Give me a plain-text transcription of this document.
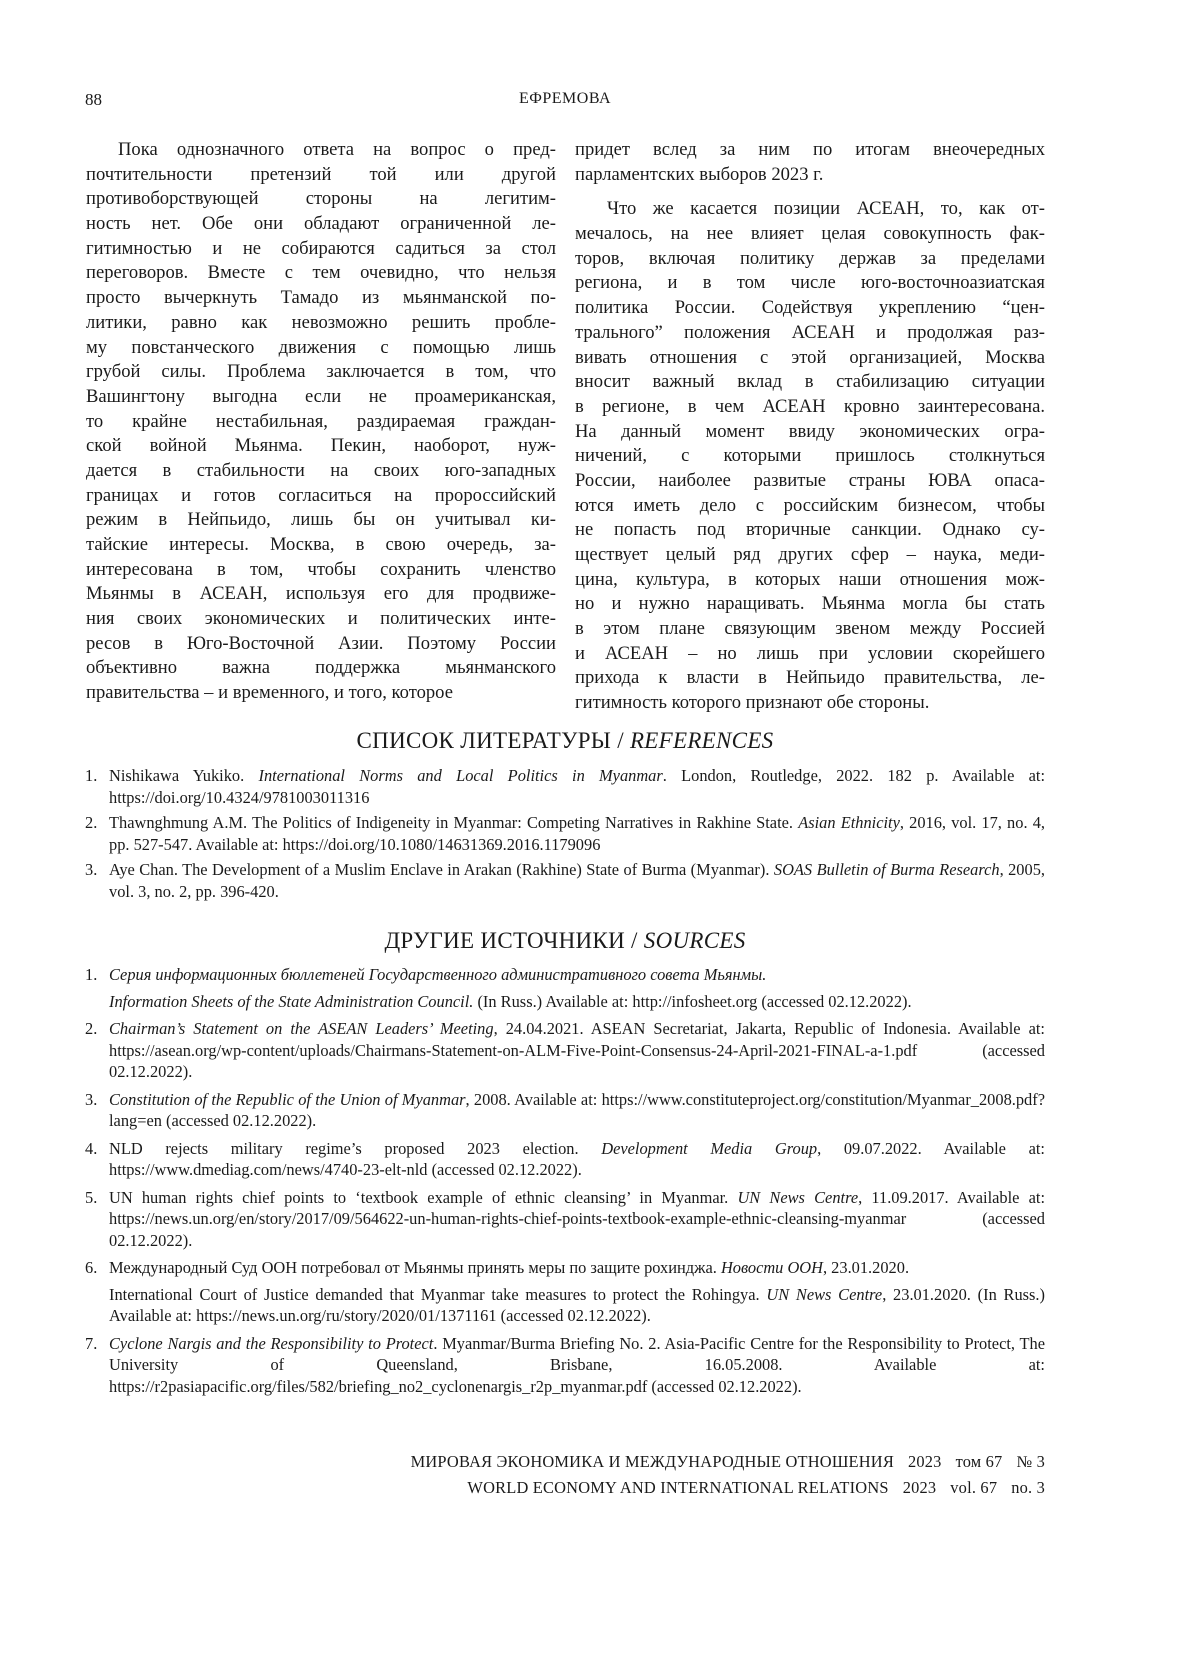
88	ЕФРЕМОВА
Пока однозначного ответа на вопрос о пред-
почтительности претензий той или другой
противоборствующей стороны на легитим-
ность нет. Обе они обладают ограниченной ле-
гитимностью и не собираются садиться за стол
переговоров. Вместе с тем очевидно, что нельзя
просто вычеркнуть Тамадо из мьянманской по-
литики, равно как невозможно решить пробле-
му повстанческого движения с помощью лишь
грубой силы. Проблема заключается в том, что
Вашингтону выгодна если не проамериканская,
то крайне нестабильная, раздираемая граждан-
ской войной Мьянма. Пекин, наоборот, нуж-
дается в стабильности на своих юго-западных
границах и готов согласиться на пророссийский
режим в Нейпьидо, лишь бы он учитывал ки-
тайские интересы. Москва, в свою очередь, за-
интересована в том, чтобы сохранить членство
Мьянмы в АСЕАН, используя его для продвиже-
ния своих экономических и политических инте-
ресов в Юго-Восточной Азии. Поэтому России
объективно важна поддержка мьянманского
правительства – и временного, и того, которое
придет вслед за ним по итогам внеочередных
парламентских выборов 2023 г.
Что же касается позиции АСЕАН, то, как от-
мечалось, на нее влияет целая совокупность фак-
торов, включая политику держав за пределами
региона, и в том числе юго-восточноазиатская
политика России. Содействуя укреплению “цен-
трального” положения АСЕАН и продолжая раз-
вивать отношения с этой организацией, Москва
вносит важный вклад в стабилизацию ситуации
в регионе, в чем АСЕАН кровно заинтересована.
На данный момент ввиду экономических огра-
ничений, с которыми пришлось столкнуться
России, наиболее развитые страны ЮВА опаса-
ются иметь дело с российским бизнесом, чтобы
не попасть под вторичные санкции. Однако су-
ществует целый ряд других сфер – наука, меди-
цина, культура, в которых наши отношения мож-
но и нужно наращивать. Мьянма могла бы стать
в этом плане связующим звеном между Россией
и АСЕАН – но лишь при условии скорейшего
прихода к власти в Нейпьидо правительства, ле-
гитимность которого признают обе стороны.
СПИСОК ЛИТЕРАТУРЫ / REFERENCES
1. Nishikawa Yukiko. International Norms and Local Politics in Myanmar. London, Routledge, 2022. 182 p. Available at: https://doi.org/10.4324/9781003011316
2. Thawnghmung A.M. The Politics of Indigeneity in Myanmar: Competing Narratives in Rakhine State. Asian Ethnicity, 2016, vol. 17, no. 4, pp. 527-547. Available at: https://doi.org/10.1080/14631369.2016.1179096
3. Aye Chan. The Development of a Muslim Enclave in Arakan (Rakhine) State of Burma (Myanmar). SOAS Bulletin of Burma Research, 2005, vol. 3, no. 2, pp. 396-420.
ДРУГИЕ ИСТОЧНИКИ / SOURCES
1. Серия информационных бюллетеней Государственного административного совета Мьянмы.
Information Sheets of the State Administration Council. (In Russ.) Available at: http://infosheet.org (accessed 02.12.2022).
2. Chairman’s Statement on the ASEAN Leaders’ Meeting, 24.04.2021. ASEAN Secretariat, Jakarta, Republic of Indonesia. Available at: https://asean.org/wp-content/uploads/Chairmans-Statement-on-ALM-Five-Point-Consensus-24-April-2021-FINAL-a-1.pdf (accessed 02.12.2022).
3. Constitution of the Republic of the Union of Myanmar, 2008. Available at: https://www.constituteproject.org/constitution/Myanmar_2008.pdf?lang=en (accessed 02.12.2022).
4. NLD rejects military regime’s proposed 2023 election. Development Media Group, 09.07.2022. Available at: https://www.dmediag.com/news/4740-23-elt-nld (accessed 02.12.2022).
5. UN human rights chief points to ‘textbook example of ethnic cleansing’ in Myanmar. UN News Centre, 11.09.2017. Available at: https://news.un.org/en/story/2017/09/564622-un-human-rights-chief-points-textbook-example-ethnic-cleansing-myanmar (accessed 02.12.2022).
6. Международный Суд ООН потребовал от Мьянмы принять меры по защите рохинджа. Новости ООН, 23.01.2020.
International Court of Justice demanded that Myanmar take measures to protect the Rohingya. UN News Centre, 23.01.2020. (In Russ.) Available at: https://news.un.org/ru/story/2020/01/1371161 (accessed 02.12.2022).
7. Cyclone Nargis and the Responsibility to Protect. Myanmar/Burma Briefing No. 2. Asia-Pacific Centre for the Responsibility to Protect, The University of Queensland, Brisbane, 16.05.2008. Available at: https://r2pasiapacific.org/files/582/briefing_no2_cyclonenargis_r2p_myanmar.pdf (accessed 02.12.2022).
МИРОВАЯ ЭКОНОМИКА И МЕЖДУНАРОДНЫЕ ОТНОШЕНИЯ 2023 том 67 № 3
WORLD ECONOMY AND INTERNATIONAL RELATIONS 2023 vol. 67 no. 3
